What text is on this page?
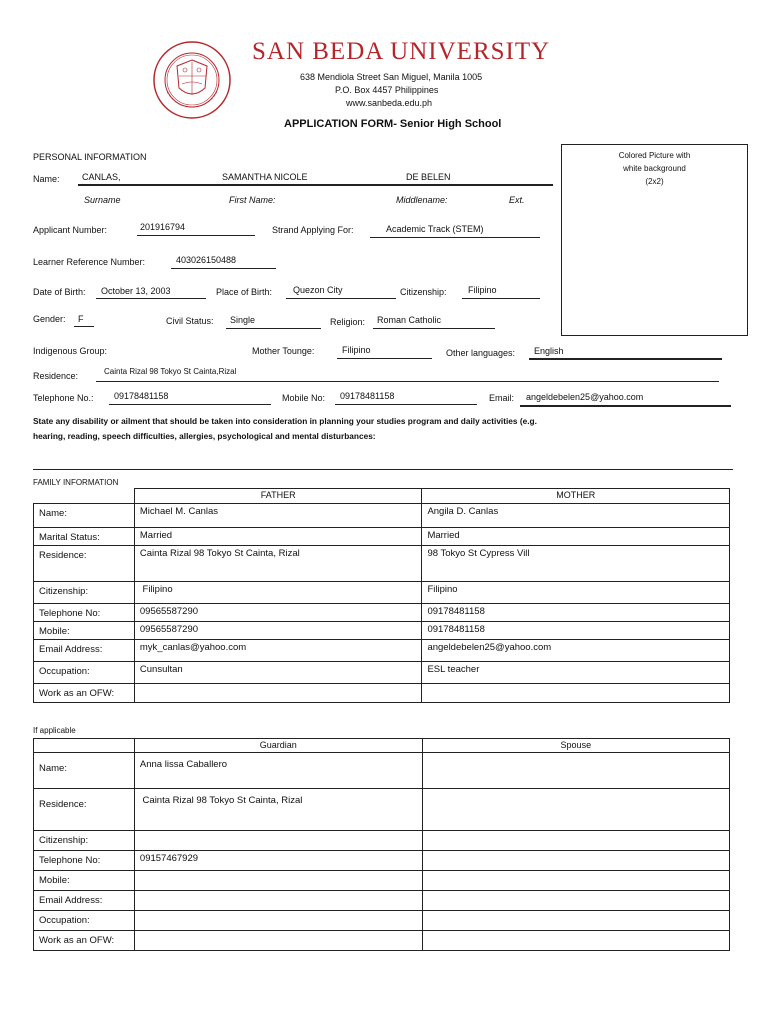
SAN BEDA UNIVERSITY
638 Mendiola Street San Miguel, Manila 1005
P.O. Box 4457 Philippines
www.sanbeda.edu.ph
APPLICATION FORM- Senior High School
Colored Picture with
white background
(2x2)
PERSONAL INFORMATION
Name: CANLAS,	SAMANTHA NICOLE	DE BELEN
Surname	First Name:	Middlename:	Ext.
Applicant Number:	201916794	Strand Applying For:	Academic Track (STEM)
Learner Reference Number:	403026150488
Date of Birth: October 13, 2003	Place of Birth: Quezon City	Citizenship: Filipino
Gender: F	Civil Status: Single	Religion: Roman Catholic
Indigenous Group:	Mother Tounge:	Filipino	Other languages: English
Residence:	Cainta Rizal 98 Tokyo St Cainta,Rizal
Telephone No.: 09178481158	Mobile No: 09178481158	Email: angeldebelen25@yahoo.com
State any disability or ailment that should be taken into consideration in planning your studies program and daily activities (e.g.
hearing, reading, speech difficulties, allergies, psychological and mental disturbances:
FAMILY INFORMATION
	FATHER	MOTHER
Name:	Michael M. Canlas	Angila D. Canlas
Marital Status:	Married	Married
Residence:	Cainta Rizal 98 Tokyo St Cainta, Rizal	98 Tokyo St Cypress Vill
Citizenship:	Filipino	Filipino
Telephone No:	09565587290	09178481158
Mobile:	09565587290	09178481158
Email Address:	myk_canlas@yahoo.com	angeldebelen25@yahoo.com
Occupation:	Cunsultan	ESL teacher
Work as an OFW:		
If applicable
	Guardian	Spouse
Name:	Anna lissa Caballero	
Residence:	Cainta Rizal 98 Tokyo St Cainta, Rizal	
Citizenship:		
Telephone No:	09157467929	
Mobile:		
Email Address:		
Occupation:		
Work as an OFW:		
